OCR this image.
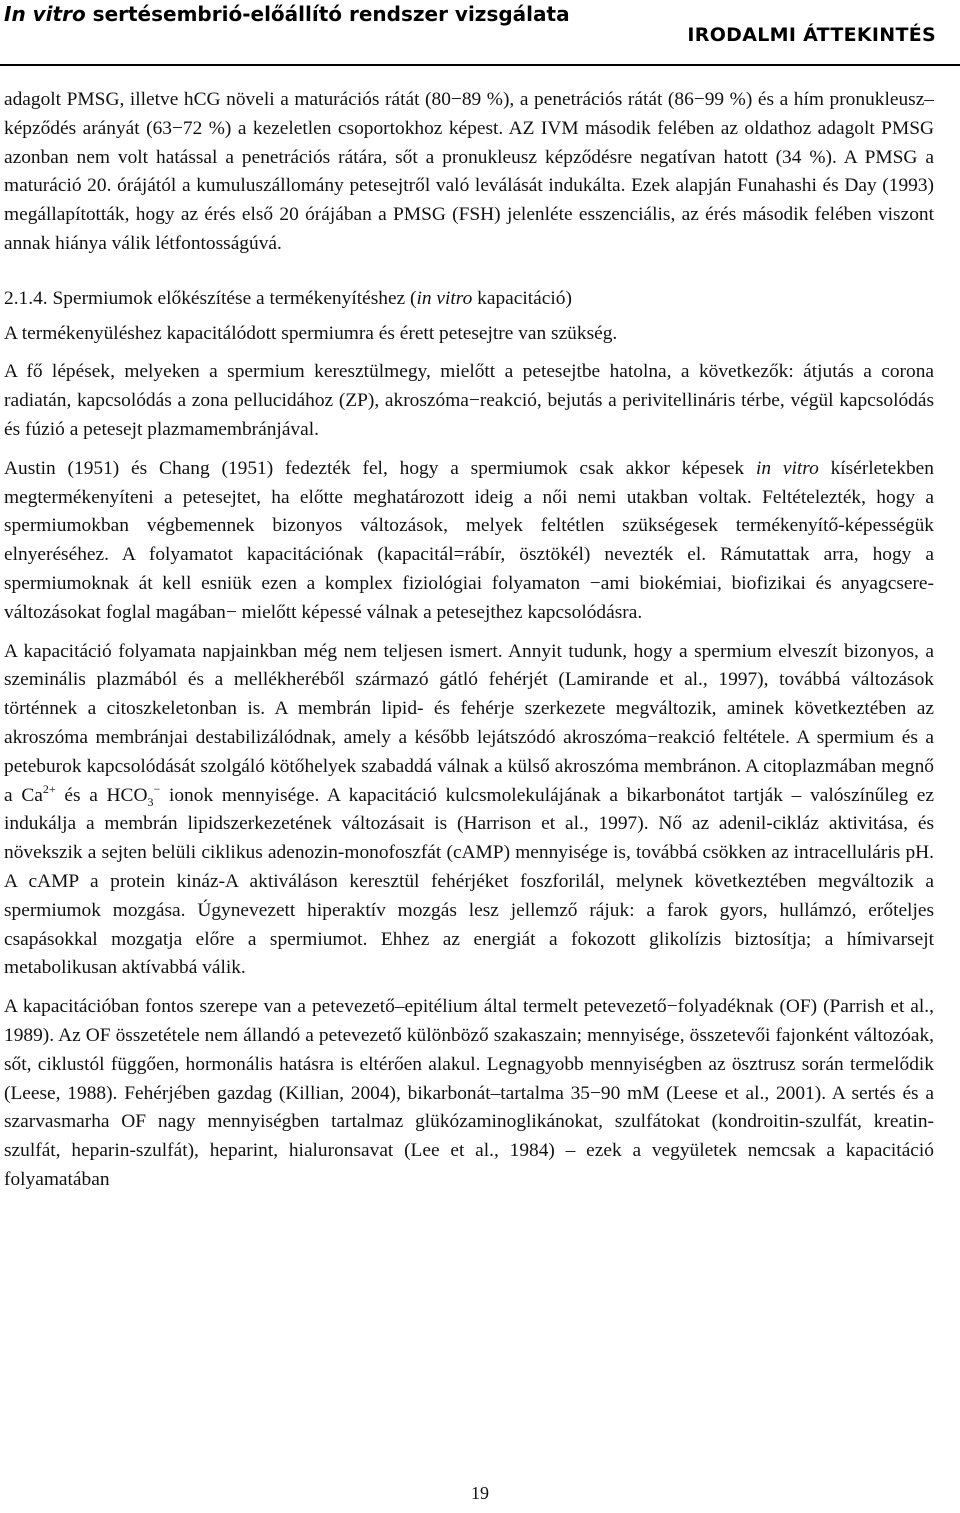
In vitro sertésembrió-előállító rendszer vizsgálata
IRODALMI ÁTTEKINTÉS

adagolt PMSG, illetve hCG növeli a maturációs rátát (80−89 %), a penetrációs rátát (86−99 %) és a hím pronukleusz–képződés arányát (63−72 %) a kezeletlen csoportokhoz képest. AZ IVM második felében az oldathoz adagolt PMSG azonban nem volt hatással a penetrációs rátára, sőt a pronukleusz képződésre negatívan hatott (34 %). A PMSG a maturáció 20. órájától a kumuluszállomány petesejtről való leválását indukálta. Ezek alapján Funahashi és Day (1993) megállapították, hogy az érés első 20 órájában a PMSG (FSH) jelenléte esszenciális, az érés második felében viszont annak hiánya válik létfontosságúvá.

2.1.4. Spermiumok előkészítése a termékenyítéshez (in vitro kapacitáció)

A termékenyüléshez kapacitálódott spermiumra és érett petesejtre van szükség.

A fő lépések, melyeken a spermium keresztülmegy, mielőtt a petesejtbe hatolna, a következők: átjutás a corona radiatán, kapcsolódás a zona pellucidához (ZP), akroszóma−reakció, bejutás a perivitellináris térbe, végül kapcsolódás és fúzió a petesejt plazmamembránjával.

Austin (1951) és Chang (1951) fedezték fel, hogy a spermiumok csak akkor képesek in vitro kísérletekben megtermékenyíteni a petesejtet, ha előtte meghatározott ideig a női nemi utakban voltak. Feltételezték, hogy a spermiumokban végbemennek bizonyos változások, melyek feltétlen szükségesek termékenyítő-képességük elnyeréséhez. A folyamatot kapacitációnak (kapacitál=rábír, ösztökél) nevezték el. Rámutattak arra, hogy a spermiumoknak át kell esniük ezen a komplex fiziológiai folyamaton −ami biokémiai, biofizikai és anyagcsere-változásokat foglal magában− mielőtt képessé válnak a petesejthez kapcsolódásra.

A kapacitáció folyamata napjainkban még nem teljesen ismert. Annyit tudunk, hogy a spermium elveszít bizonyos, a szeminális plazmából és a mellékheréből származó gátló fehérjét (Lamirande et al., 1997), továbbá változások történnek a citoszkeletonban is. A membrán lipid- és fehérje szerkezete megváltozik, aminek következtében az akroszóma membránjai destabilizálódnak, amely a később lejátszódó akroszóma−reakció feltétele. A spermium és a peteburok kapcsolódását szolgáló kötőhelyek szabaddá válnak a külső akroszóma membránon. A citoplazmában megnő a $Ca^{2+}$ és a $HCO_3^-$ ionok mennyisége. A kapacitáció kulcsmolekulájának a bikarbonátot tartják – valószínűleg ez indukálja a membrán lipidszerkezetének változásait is (Harrison et al., 1997). Nő az adenil-cikláz aktivitása, és növekszik a sejten belüli ciklikus adenozin-monofoszfát (cAMP) mennyisége is, továbbá csökken az intracelluláris pH. A cAMP a protein kináz-A aktiváláson keresztül fehérjéket foszforilál, melynek következtében megváltozik a spermiumok mozgása. Úgynevezett hiperaktív mozgás lesz jellemző rájuk: a farok gyors, hullámzó, erőteljes csapásokkal mozgatja előre a spermiumot. Ehhez az energiát a fokozott glikolízis biztosítja; a hímivarsejt metabolikusan aktívabbá válik.

A kapacitációban fontos szerepe van a petevezető–epitélium által termelt petevezető−folyadéknak (OF) (Parrish et al., 1989). Az OF összetétele nem állandó a petevezető különböző szakaszain; mennyisége, összetevői fajonként változóak, sőt, ciklustól függően, hormonális hatásra is eltérően alakul. Legnagyobb mennyiségben az ösztrusz során termelődik (Leese, 1988). Fehérjében gazdag (Killian, 2004), bikarbonát–tartalma 35−90 mM (Leese et al., 2001). A sertés és a szarvasmarha OF nagy mennyiségben tartalmaz glükózaminoglikánokat, szulfátokat (kondroitin-szulfát, kreatin-szulfát, heparin-szulfát), heparint, hialuronsavat (Lee et al., 1984) – ezek a vegyületek nemcsak a kapacitáció folyamatában

19
